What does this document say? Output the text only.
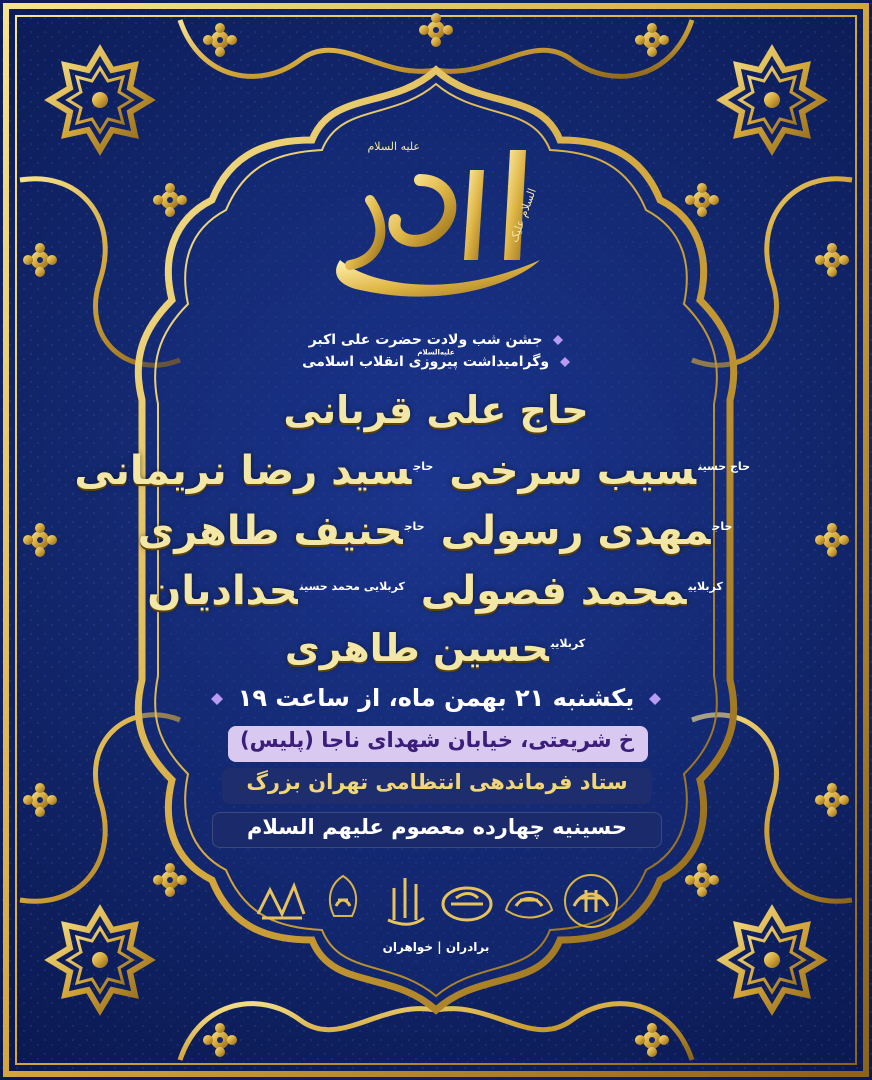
السلام علیک
علیه السلام
جشن شب ولادت حضرت علی اکبر $^{علیه‌السلام}$
وگرامیداشت پیروزی انقلاب اسلامی
حاج علی قربانی
$^{حاج حسین}$سیب سرخی $^{حاج}$سید رضا نریمانی
$^{حاج}$مهدی رسولی $^{حاج}$حنیف طاهری
$^{کربلایی}$محمد فصولی $^{کربلایی محمد حسین}$حدادیان
$^{کربلایی}$حسین طاهری
یکشنبه ۲۱ بهمن ماه، از ساعت ۱۹
خ شریعتی، خیابان شهدای ناجا (پلیس)
ستاد فرماندهی انتظامی تهران بزرگ
حسینیه چهارده معصوم علیهم السلام
برادران | خواهران
